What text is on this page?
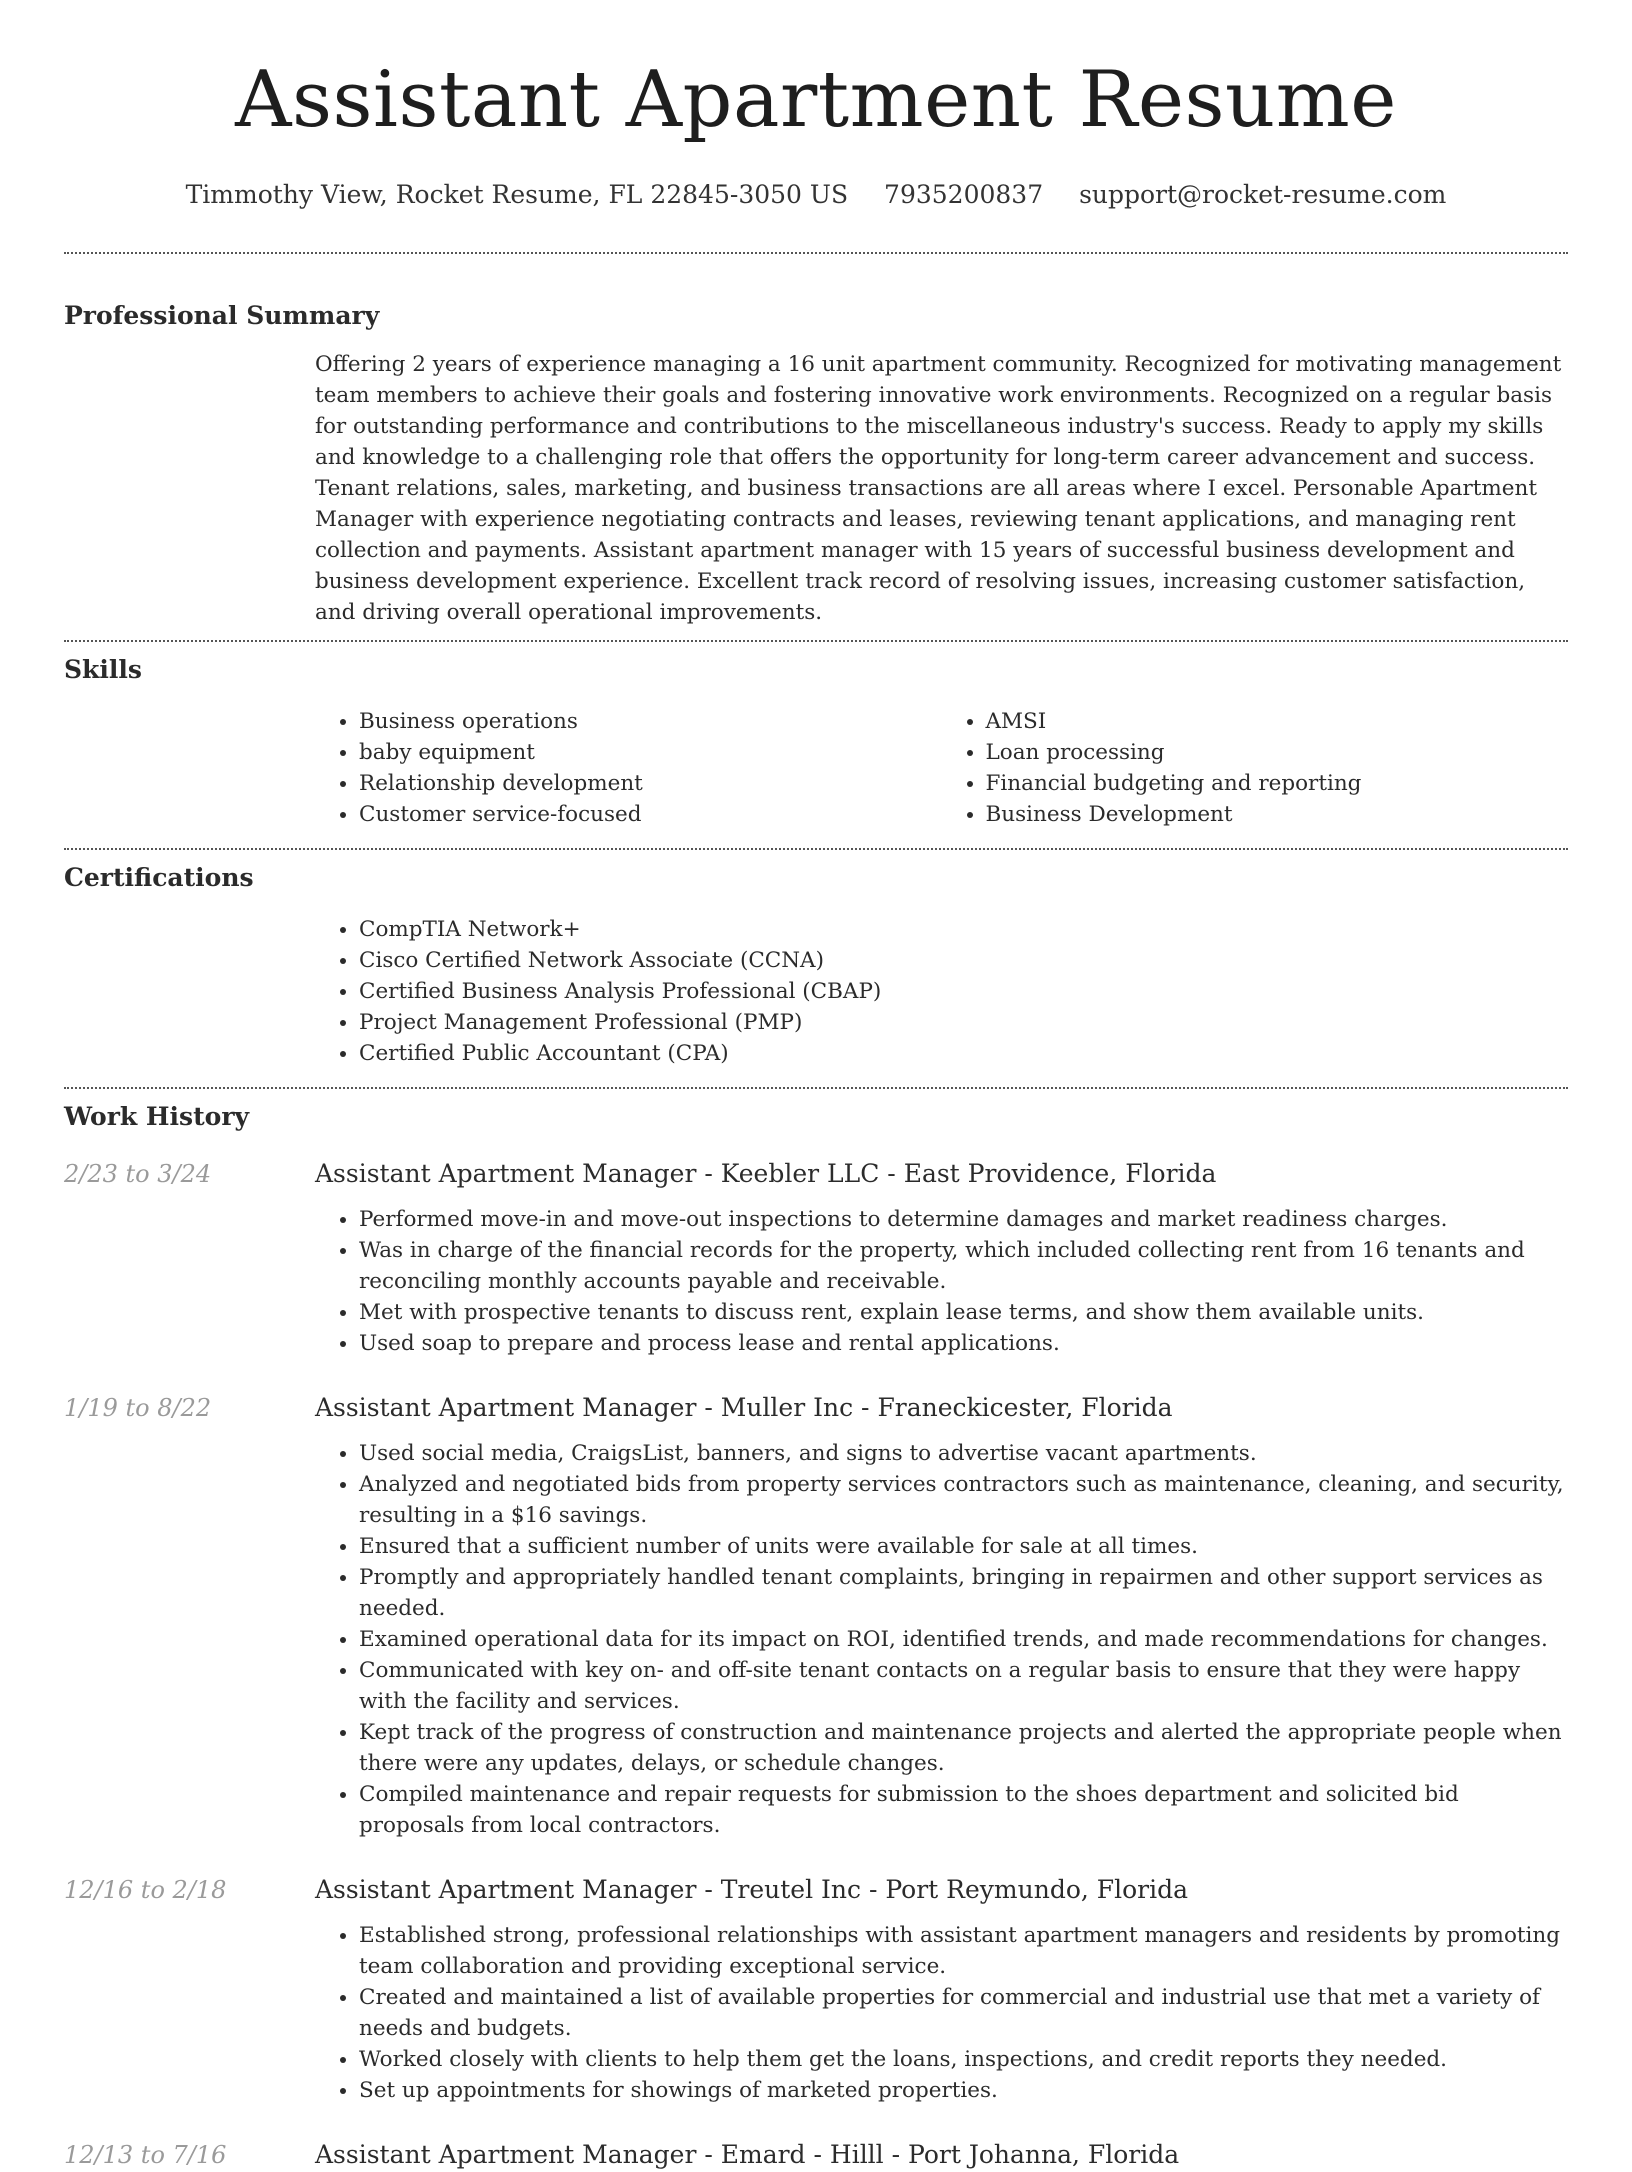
Assistant Apartment Resume
Timmothy View, Rocket Resume, FL 22845-3050 US 7935200837 support@rocket-resume.com
Professional Summary

Offering 2 years of experience managing a 16 unit apartment community. Recognized for motivating management team members to achieve their goals and fostering innovative work environments. Recognized on a regular basis for outstanding performance and contributions to the miscellaneous industry's success. Ready to apply my skills and knowledge to a challenging role that offers the opportunity for long-term career advancement and success. Tenant relations, sales, marketing, and business transactions are all areas where I excel. Personable Apartment Manager with experience negotiating contracts and leases, reviewing tenant applications, and managing rent collection and payments. Assistant apartment manager with 15 years of successful business development and business development experience. Excellent track record of resolving issues, increasing customer satisfaction, and driving overall operational improvements.

Skills
• Business operations
• baby equipment
• Relationship development
• Customer service-focused
• AMSI
• Loan processing
• Financial budgeting and reporting
• Business Development
Certifications
• CompTIA Network+
• Cisco Certified Network Associate (CCNA)
• Certified Business Analysis Professional (CBAP)
• Project Management Professional (PMP)
• Certified Public Accountant (CPA)
Work History
2/23 to 3/24	Assistant Apartment Manager - Keebler LLC - East Providence, Florida
• Performed move-in and move-out inspections to determine damages and market readiness charges.
• Was in charge of the financial records for the property, which included collecting rent from 16 tenants and reconciling monthly accounts payable and receivable.
• Met with prospective tenants to discuss rent, explain lease terms, and show them available units.
• Used soap to prepare and process lease and rental applications.
1/19 to 8/22	Assistant Apartment Manager - Muller Inc - Franeckicester, Florida
• Used social media, CraigsList, banners, and signs to advertise vacant apartments.
• Analyzed and negotiated bids from property services contractors such as maintenance, cleaning, and security, resulting in a $16 savings.
• Ensured that a sufficient number of units were available for sale at all times.
• Promptly and appropriately handled tenant complaints, bringing in repairmen and other support services as needed.
• Examined operational data for its impact on ROI, identified trends, and made recommendations for changes.
• Communicated with key on- and off-site tenant contacts on a regular basis to ensure that they were happy with the facility and services.
• Kept track of the progress of construction and maintenance projects and alerted the appropriate people when there were any updates, delays, or schedule changes.
• Compiled maintenance and repair requests for submission to the shoes department and solicited bid proposals from local contractors.
12/16 to 2/18	Assistant Apartment Manager - Treutel Inc - Port Reymundo, Florida
• Established strong, professional relationships with assistant apartment managers and residents by promoting team collaboration and providing exceptional service.
• Created and maintained a list of available properties for commercial and industrial use that met a variety of needs and budgets.
• Worked closely with clients to help them get the loans, inspections, and credit reports they needed.
• Set up appointments for showings of marketed properties.
12/13 to 7/16	Assistant Apartment Manager - Emard - Hilll - Port Johanna, Florida
